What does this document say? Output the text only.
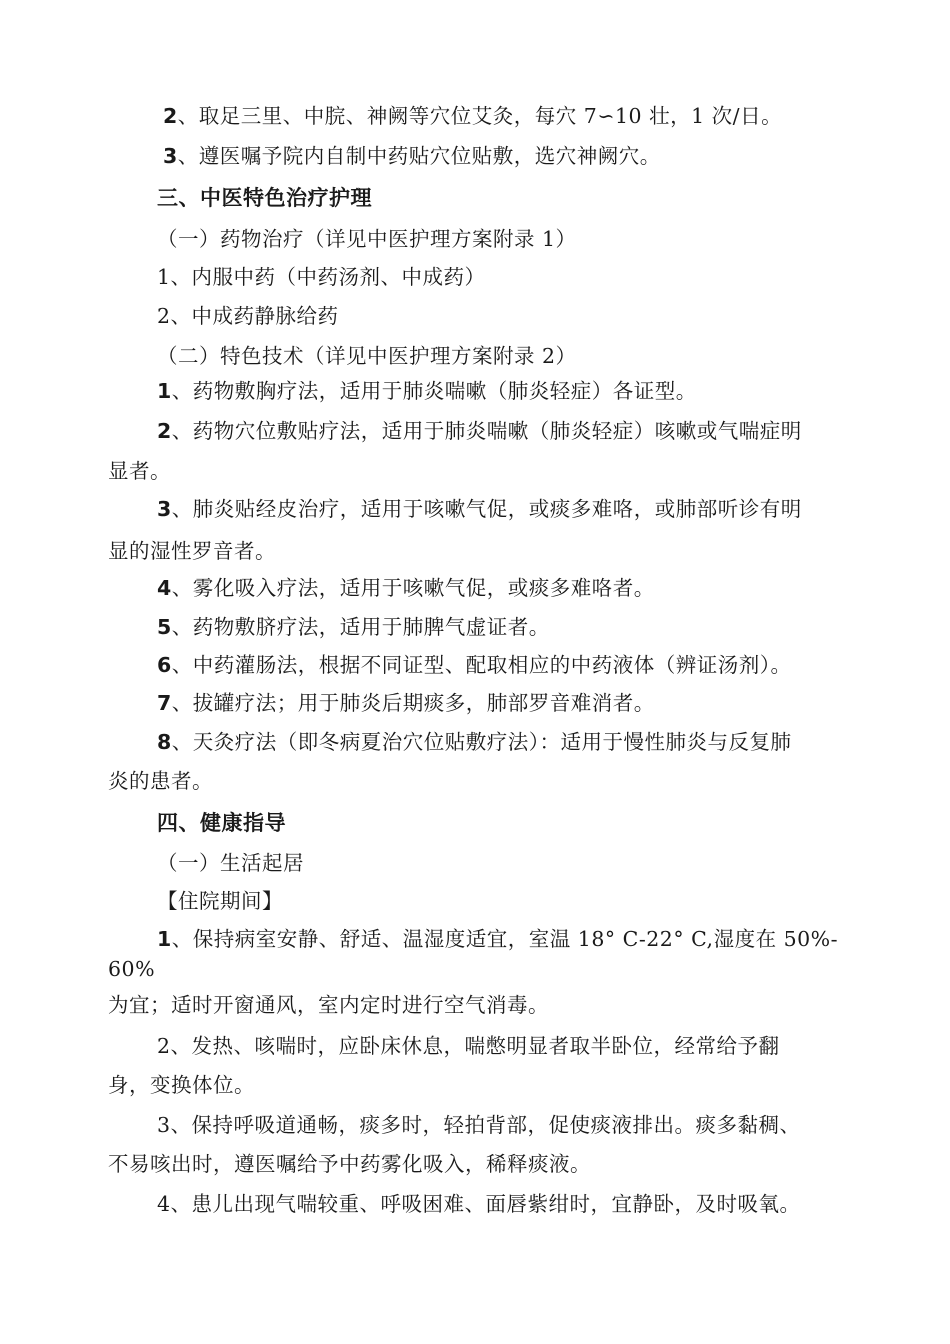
2、取足三里、中脘、神阙等穴位艾灸，每穴 7∽10 壮，1 次/日。
3、遵医嘱予院内自制中药贴穴位贴敷，选穴神阙穴。
三、中医特色治疗护理
（一）药物治疗（详见中医护理方案附录 1）
1、内服中药（中药汤剂、中成药）
2、中成药静脉给药
（二）特色技术（详见中医护理方案附录 2）
1、药物敷胸疗法，适用于肺炎喘嗽（肺炎轻症）各证型。
2、药物穴位敷贴疗法，适用于肺炎喘嗽（肺炎轻症）咳嗽或气喘症明
显者。
3、肺炎贴经皮治疗，适用于咳嗽气促，或痰多难咯，或肺部听诊有明
显的湿性罗音者。
4、雾化吸入疗法，适用于咳嗽气促，或痰多难咯者。
5、药物敷脐疗法，适用于肺脾气虚证者。
6、中药灌肠法，根据不同证型、配取相应的中药液体（辨证汤剂）。
7、拔罐疗法；用于肺炎后期痰多，肺部罗音难消者。
8、天灸疗法（即冬病夏治穴位贴敷疗法）：适用于慢性肺炎与反复肺
炎的患者。
四、健康指导
（一）生活起居
【住院期间】
1、保持病室安静、舒适、温湿度适宜，室温 18° C-22° C,湿度在 50%-
60%
为宜；适时开窗通风，室内定时进行空气消毒。
2、发热、咳喘时，应卧床休息，喘憋明显者取半卧位，经常给予翻
身，变换体位。
3、保持呼吸道通畅，痰多时，轻拍背部，促使痰液排出。痰多黏稠、
不易咳出时，遵医嘱给予中药雾化吸入，稀释痰液。
4、患儿出现气喘较重、呼吸困难、面唇紫绀时，宜静卧，及时吸氧。
